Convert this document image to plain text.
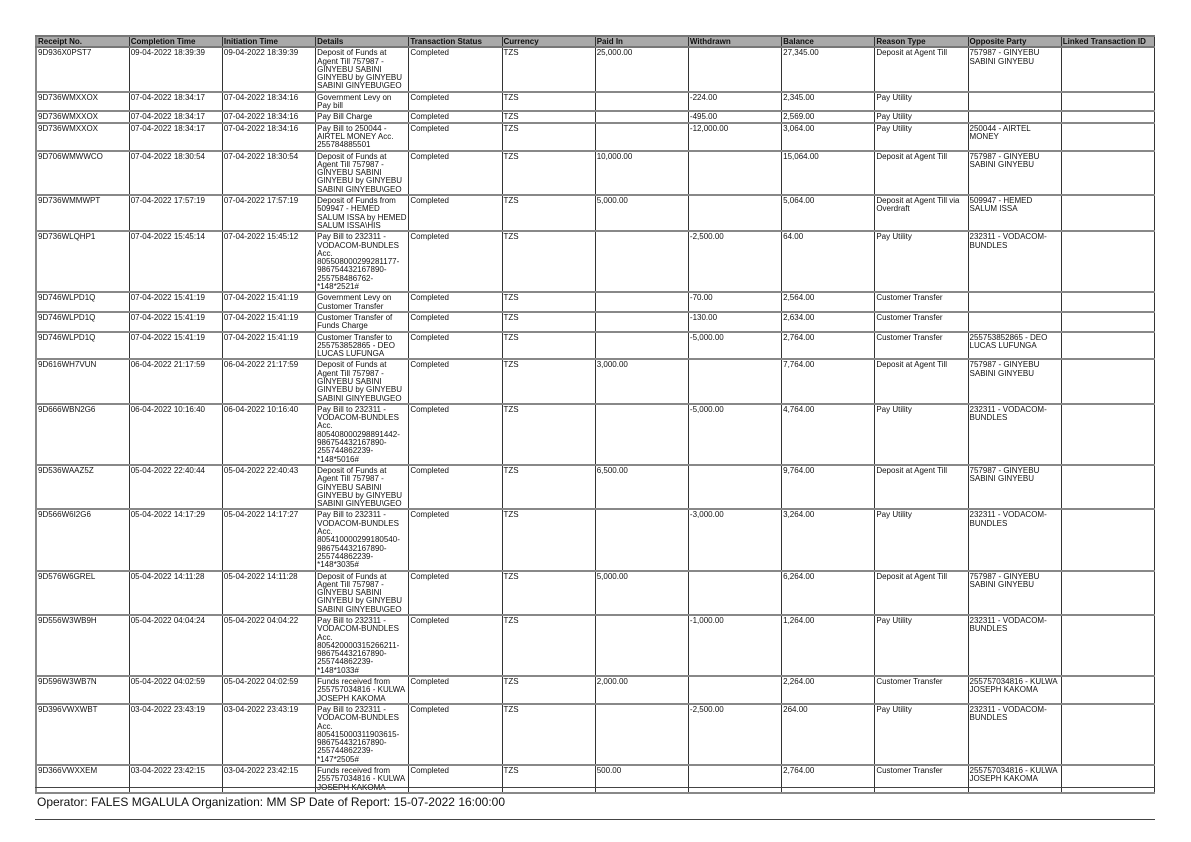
Receipt No.	Completion Time	Initiation Time	Details	Transaction Status	Currency	Paid In	Withdrawn	Balance	Reason Type	Opposite Party	Linked Transaction ID
9D936X0PST7	09-04-2022 18:39:39	09-04-2022 18:39:39	Deposit of Funds at Agent Till 757987 - GINYEBU SABINI GINYEBU by GINYEBU SABINI GINYEBU\GEO	Completed	TZS	25,000.00		27,345.00	Deposit at Agent Till	757987 - GINYEBU SABINI GINYEBU	
9D736WMXXOX	07-04-2022 18:34:17	07-04-2022 18:34:16	Government Levy on Pay bill	Completed	TZS		-224.00	2,345.00	Pay Utility		
9D736WMXXOX	07-04-2022 18:34:17	07-04-2022 18:34:16	Pay Bill Charge	Completed	TZS		-495.00	2,569.00	Pay Utility		
9D736WMXXOX	07-04-2022 18:34:17	07-04-2022 18:34:16	Pay Bill to 250044 - AIRTEL MONEY Acc. 255784885501	Completed	TZS		-12,000.00	3,064.00	Pay Utility	250044 - AIRTEL MONEY	
9D706WMWWCO	07-04-2022 18:30:54	07-04-2022 18:30:54	Deposit of Funds at Agent Till 757987 - GINYEBU SABINI GINYEBU by GINYEBU SABINI GINYEBU\GEO	Completed	TZS	10,000.00		15,064.00	Deposit at Agent Till	757987 - GINYEBU SABINI GINYEBU	
9D736WMMWPT	07-04-2022 17:57:19	07-04-2022 17:57:19	Deposit of Funds from 509947 - HEMED SALUM ISSA by HEMED SALUM ISSA\HIS	Completed	TZS	5,000.00		5,064.00	Deposit at Agent Till via Overdraft	509947 - HEMED SALUM ISSA	
9D736WLQHP1	07-04-2022 15:45:14	07-04-2022 15:45:12	Pay Bill to 232311 - VODACOM-BUNDLES Acc. 805508000299281177-986754432167890-255758486762-*148*2521#	Completed	TZS		-2,500.00	64.00	Pay Utility	232311 - VODACOM-BUNDLES	
9D746WLPD1Q	07-04-2022 15:41:19	07-04-2022 15:41:19	Government Levy on Customer Transfer	Completed	TZS		-70.00	2,564.00	Customer Transfer		
9D746WLPD1Q	07-04-2022 15:41:19	07-04-2022 15:41:19	Customer Transfer of Funds Charge	Completed	TZS		-130.00	2,634.00	Customer Transfer		
9D746WLPD1Q	07-04-2022 15:41:19	07-04-2022 15:41:19	Customer Transfer to 255753852865 - DEO LUCAS LUFUNGA	Completed	TZS		-5,000.00	2,764.00	Customer Transfer	255753852865 - DEO LUCAS LUFUNGA	
9D616WH7VUN	06-04-2022 21:17:59	06-04-2022 21:17:59	Deposit of Funds at Agent Till 757987 - GINYEBU SABINI GINYEBU by GINYEBU SABINI GINYEBU\GEO	Completed	TZS	3,000.00		7,764.00	Deposit at Agent Till	757987 - GINYEBU SABINI GINYEBU	
9D666WBN2G6	06-04-2022 10:16:40	06-04-2022 10:16:40	Pay Bill to 232311 - VODACOM-BUNDLES Acc. 805408000298891442-986754432167890-255744862239-*148*5016#	Completed	TZS		-5,000.00	4,764.00	Pay Utility	232311 - VODACOM-BUNDLES	
9D536WAAZ5Z	05-04-2022 22:40:44	05-04-2022 22:40:43	Deposit of Funds at Agent Till 757987 - GINYEBU SABINI GINYEBU by GINYEBU SABINI GINYEBU\GEO	Completed	TZS	6,500.00		9,764.00	Deposit at Agent Till	757987 - GINYEBU SABINI GINYEBU	
9D566W6I2G6	05-04-2022 14:17:29	05-04-2022 14:17:27	Pay Bill to 232311 - VODACOM-BUNDLES Acc. 805410000299180540-986754432167890-255744862239-*148*3035#	Completed	TZS		-3,000.00	3,264.00	Pay Utility	232311 - VODACOM-BUNDLES	
9D576W6GREL	05-04-2022 14:11:28	05-04-2022 14:11:28	Deposit of Funds at Agent Till 757987 - GINYEBU SABINI GINYEBU by GINYEBU SABINI GINYEBU\GEO	Completed	TZS	5,000.00		6,264.00	Deposit at Agent Till	757987 - GINYEBU SABINI GINYEBU	
9D556W3WB9H	05-04-2022 04:04:24	05-04-2022 04:04:22	Pay Bill to 232311 - VODACOM-BUNDLES Acc. 805420000315266211-986754432167890-255744862239-*148*1033#	Completed	TZS		-1,000.00	1,264.00	Pay Utility	232311 - VODACOM-BUNDLES	
9D596W3WB7N	05-04-2022 04:02:59	05-04-2022 04:02:59	Funds received from 255757034816 - KULWA JOSEPH KAKOMA	Completed	TZS	2,000.00		2,264.00	Customer Transfer	255757034816 - KULWA JOSEPH KAKOMA	
9D396VWXWBT	03-04-2022 23:43:19	03-04-2022 23:43:19	Pay Bill to 232311 - VODACOM-BUNDLES Acc. 805415000311903615-986754432167890-255744862239-*147*2505#	Completed	TZS		-2,500.00	264.00	Pay Utility	232311 - VODACOM-BUNDLES	
9D366VWXXEM	03-04-2022 23:42:15	03-04-2022 23:42:15	Funds received from 255757034816 - KULWA JOSEPH KAKOMA	Completed	TZS	500.00		2,764.00	Customer Transfer	255757034816 - KULWA JOSEPH KAKOMA	
Operator: FALES MGALULA Organization: MM SP Date of Report: 15-07-2022 16:00:00
